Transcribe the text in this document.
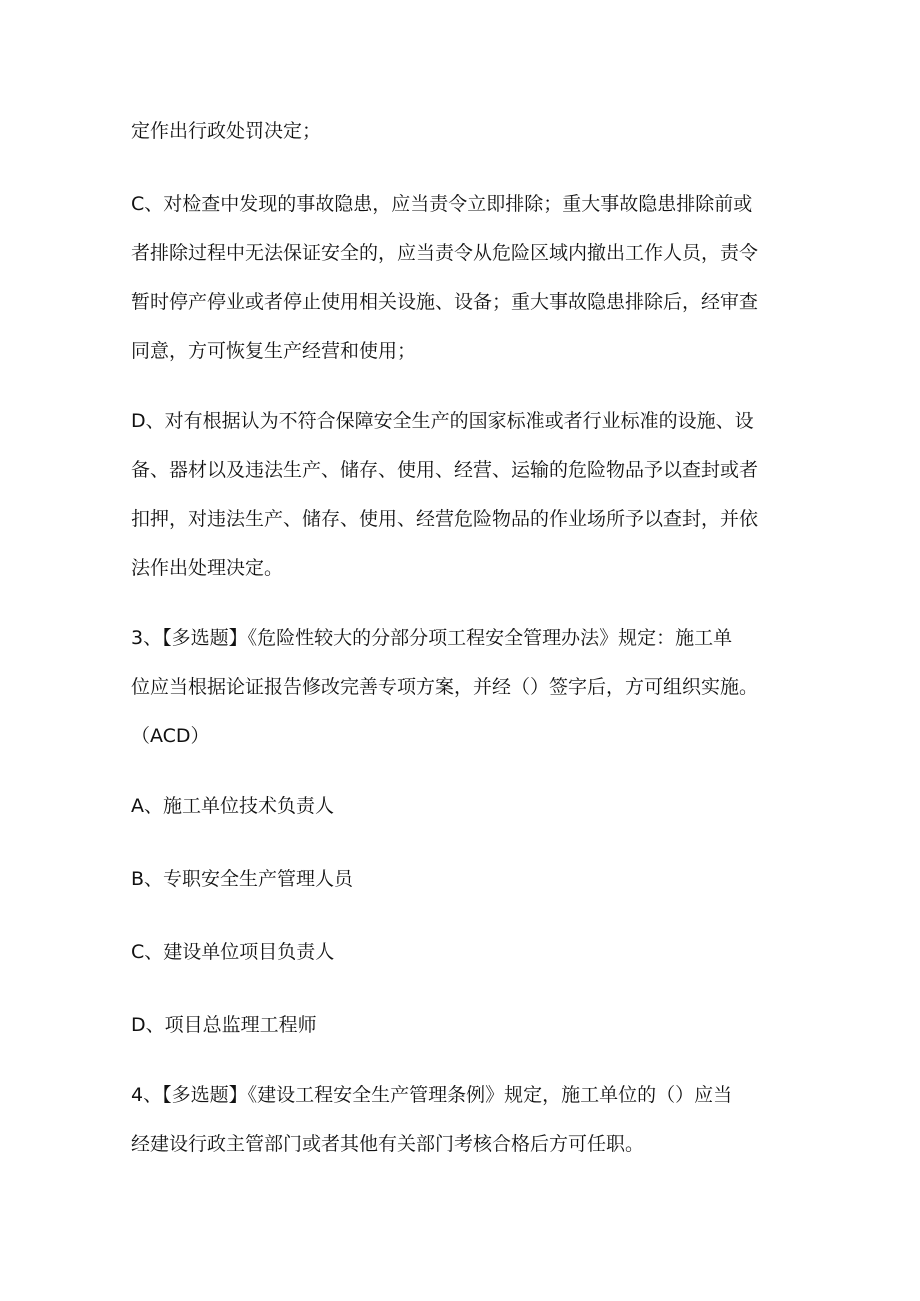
定作出行政处罚决定；

C、对检查中发现的事故隐患，应当责令立即排除；重大事故隐患排除前或
者排除过程中无法保证安全的，应当责令从危险区域内撤出工作人员，责令
暂时停产停业或者停止使用相关设施、设备；重大事故隐患排除后，经审查
同意，方可恢复生产经营和使用；

D、对有根据认为不符合保障安全生产的国家标准或者行业标准的设施、设
备、器材以及违法生产、储存、使用、经营、运输的危险物品予以查封或者
扣押，对违法生产、储存、使用、经营危险物品的作业场所予以查封，并依
法作出处理决定。

3、【多选题】《危险性较大的分部分项工程安全管理办法》规定：施工单
位应当根据论证报告修改完善专项方案，并经（）签字后，方可组织实施。
（ACD）

A、施工单位技术负责人

B、专职安全生产管理人员

C、建设单位项目负责人

D、项目总监理工程师

4、【多选题】《建设工程安全生产管理条例》规定，施工单位的（）应当
经建设行政主管部门或者其他有关部门考核合格后方可任职。
